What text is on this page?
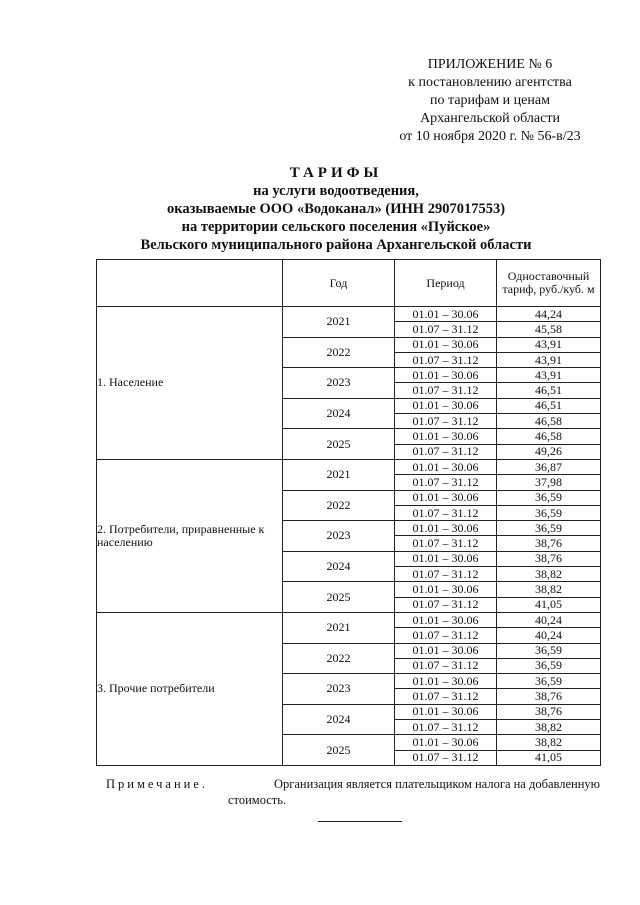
ПРИЛОЖЕНИЕ № 6
к постановлению агентства
по тарифам и ценам
Архангельской области
от 10 ноября 2020 г. № 56-в/23
ТАРИФЫ
на услуги водоотведения,
оказываемые ООО «Водоканал» (ИНН 2907017553)
на территории сельского поселения «Пуйское»
Вельского муниципального района Архангельской области
	Год	Период	Одноставочный тариф, руб./куб. м
1. Население	2021	01.01 – 30.06	44,24
		01.07 – 31.12	45,58
	2022	01.01 – 30.06	43,91
		01.07 – 31.12	43,91
	2023	01.01 – 30.06	43,91
		01.07 – 31.12	46,51
	2024	01.01 – 30.06	46,51
		01.07 – 31.12	46,58
	2025	01.01 – 30.06	46,58
		01.07 – 31.12	49,26
2. Потребители, приравненные к населению	2021	01.01 – 30.06	36,87
		01.07 – 31.12	37,98
	2022	01.01 – 30.06	36,59
		01.07 – 31.12	36,59
	2023	01.01 – 30.06	36,59
		01.07 – 31.12	38,76
	2024	01.01 – 30.06	38,76
		01.07 – 31.12	38,82
	2025	01.01 – 30.06	38,82
		01.07 – 31.12	41,05
3. Прочие потребители	2021	01.01 – 30.06	40,24
		01.07 – 31.12	40,24
	2022	01.01 – 30.06	36,59
		01.07 – 31.12	36,59
	2023	01.01 – 30.06	36,59
		01.07 – 31.12	38,76
	2024	01.01 – 30.06	38,76
		01.07 – 31.12	38,82
	2025	01.01 – 30.06	38,82
		01.07 – 31.12	41,05
Примечание.	Организация является плательщиком налога на добавленную
стоимость.
